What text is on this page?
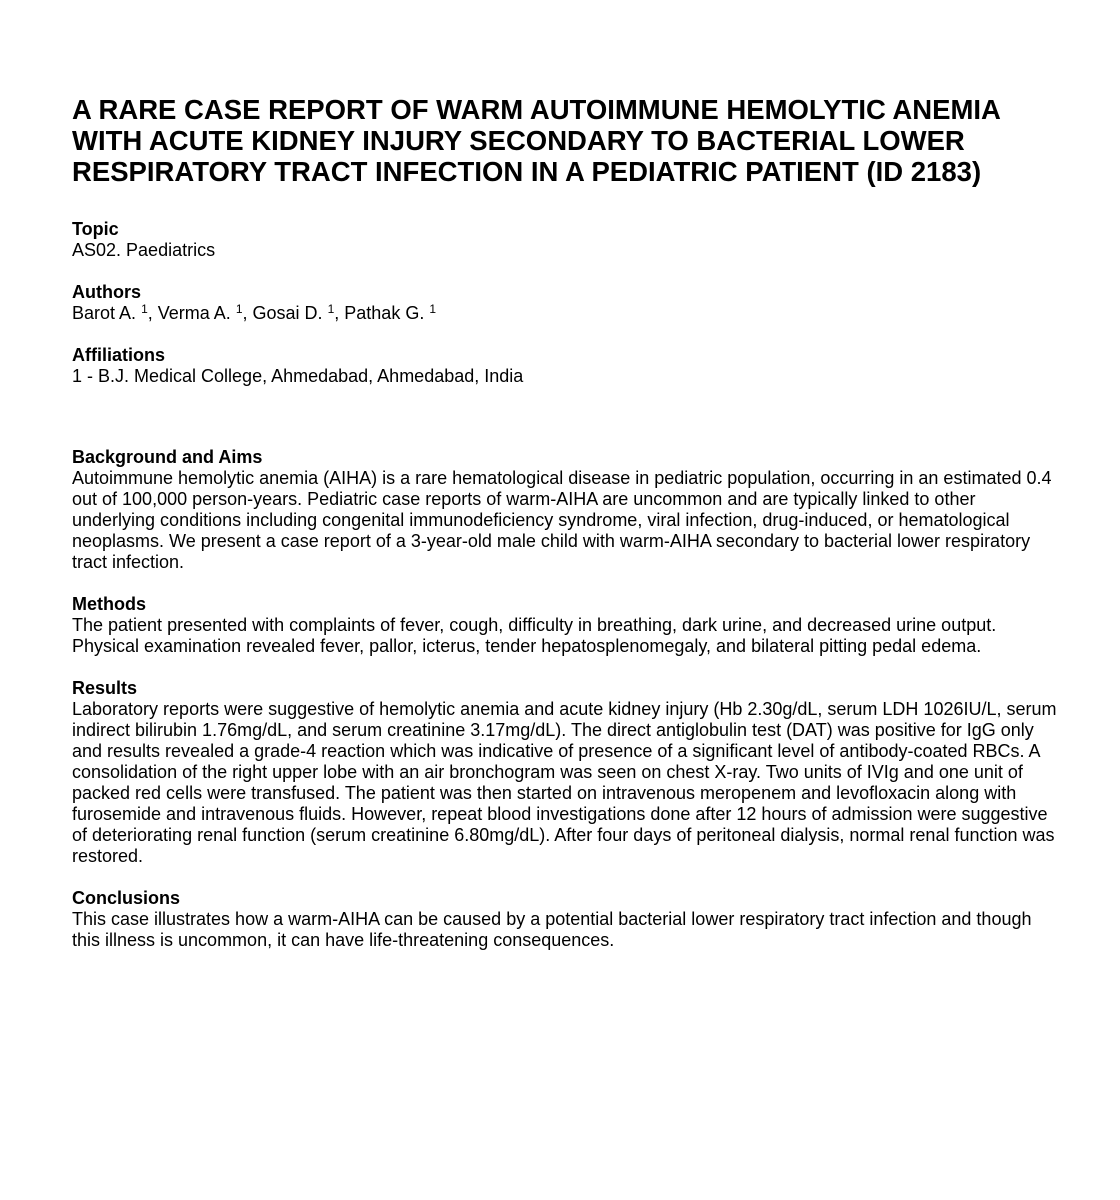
A RARE CASE REPORT OF WARM AUTOIMMUNE HEMOLYTIC ANEMIA WITH ACUTE KIDNEY INJURY SECONDARY TO BACTERIAL LOWER RESPIRATORY TRACT INFECTION IN A PEDIATRIC PATIENT (ID 2183)

Topic

AS02. Paediatrics

Authors

Barot A. $^1$, Verma A. $^1$, Gosai D. $^1$, Pathak G. $^1$

Affiliations

1 - B.J. Medical College, Ahmedabad, Ahmedabad, India

Background and Aims

Autoimmune hemolytic anemia (AIHA) is a rare hematological disease in pediatric population, occurring in an estimated 0.4 out of 100,000 person-years. Pediatric case reports of warm-AIHA are uncommon and are typically linked to other underlying conditions including congenital immunodeficiency syndrome, viral infection, drug-induced, or hematological neoplasms. We present a case report of a 3-year-old male child with warm-AIHA secondary to bacterial lower respiratory tract infection.

Methods

The patient presented with complaints of fever, cough, difficulty in breathing, dark urine, and decreased urine output. Physical examination revealed fever, pallor, icterus, tender hepatosplenomegaly, and bilateral pitting pedal edema.

Results

Laboratory reports were suggestive of hemolytic anemia and acute kidney injury (Hb 2.30g/dL, serum LDH 1026IU/L, serum indirect bilirubin 1.76mg/dL, and serum creatinine 3.17mg/dL). The direct antiglobulin test (DAT) was positive for IgG only and results revealed a grade-4 reaction which was indicative of presence of a significant level of antibody-coated RBCs. A consolidation of the right upper lobe with an air bronchogram was seen on chest X-ray. Two units of IVIg and one unit of packed red cells were transfused. The patient was then started on intravenous meropenem and levofloxacin along with furosemide and intravenous fluids. However, repeat blood investigations done after 12 hours of admission were suggestive of deteriorating renal function (serum creatinine 6.80mg/dL). After four days of peritoneal dialysis, normal renal function was restored.

Conclusions

This case illustrates how a warm-AIHA can be caused by a potential bacterial lower respiratory tract infection and though this illness is uncommon, it can have life-threatening consequences.
